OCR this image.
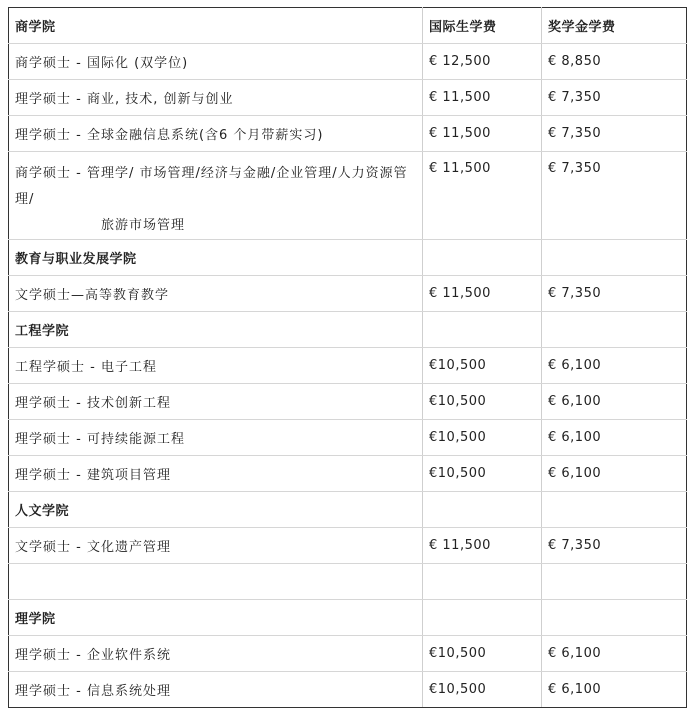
商学院	国际生学费	奖学金学费
商学硕士 - 国际化 (双学位)	€ 12,500	€ 8,850
理学硕士 - 商业, 技术, 创新与创业	€ 11,500	€ 7,350
理学硕士 - 全球金融信息系统(含6 个月带薪实习)	€ 11,500	€ 7,350
商学硕士 - 管理学/ 市场管理/经济与金融/企业管理/人力资源管理/
旅游市场管理	€ 11,500	€ 7,350
教育与职业发展学院		
文学硕士—高等教育教学	€ 11,500	€ 7,350
工程学院		
工程学硕士 - 电子工程	€10,500	€ 6,100
理学硕士 - 技术创新工程	€10,500	€ 6,100
理学硕士 - 可持续能源工程	€10,500	€ 6,100
理学硕士 - 建筑项目管理	€10,500	€ 6,100
人文学院		
文学硕士 - 文化遗产管理	€ 11,500	€ 7,350

理学院		
理学硕士 - 企业软件系统	€10,500	€ 6,100
理学硕士 - 信息系统处理	€10,500	€ 6,100
